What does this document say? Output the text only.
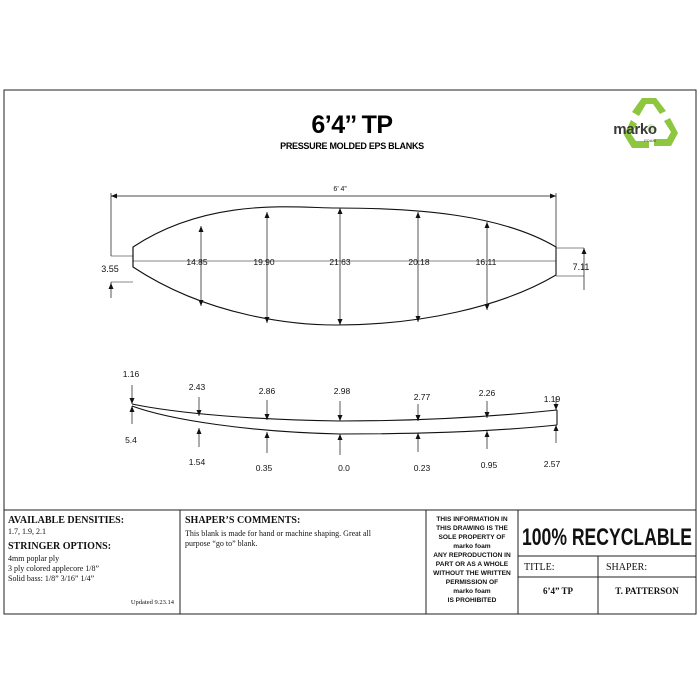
6’4’’ TP
PRESSURE MOLDED EPS BLANKS
marko
FOAM
6’ 4”
3.55	7.11
14.85	19.90	21.63	20.18	16.11
1.16
2.43	2.86	2.98
2.77	2.26
1.19
5.4
1.54
0.35	0.0	0.23	0.95	2.57
AVAILABLE DENSITIES:
1.7, 1.9, 2.1
STRINGER OPTIONS:
4mm poplar ply
3 ply colored applecore 1/8”
Solid bass: 1/8” 3/16” 1/4”
Updated 9.23.14
SHAPER’S COMMENTS:
This blank is made for hand or machine shaping. Great all
purpose “go to” blank.
THIS INFORMATION IN
THIS DRAWING IS THE
SOLE PROPERTY OF
marko foam
ANY REPRODUCTION IN
PART OR AS A WHOLE
WITHOUT THE WRITTEN
PERMISSION OF
marko foam
IS PROHIBITED
100% RECYCLABLE
TITLE:	SHAPER:
6’4” TP	T. PATTERSON
